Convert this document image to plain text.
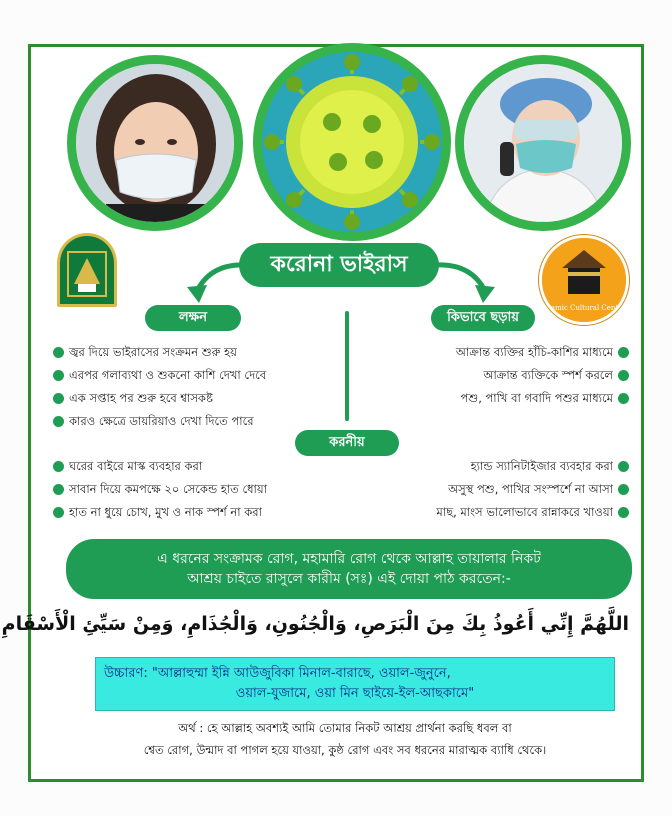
Islamic Cultural Center
করোনা ভাইরাস
লক্ষন
জ্বর দিয়ে ভাইরাসের সংক্রমন শুরু হয়
এরপর গলাব্যথা ও শুকনো কাশি দেখা দেবে
এক সপ্তাহ পর শুরু হবে শ্বাসকষ্ট
কারও ক্ষেত্রে ডায়রিয়াও দেখা দিতে পারে
কিভাবে ছড়ায়
আক্রান্ত ব্যক্তির হাঁচি-কাশির মাধ্যমে
আক্রান্ত ব্যক্তিকে স্পর্শ করলে
পশু, পাখি বা গবাদি পশুর মাধ্যমে
করনীয়
ঘরের বাইরে মাস্ক ব্যবহার করা
সাবান দিয়ে কমপক্ষে ২০ সেকেন্ড হাত ধোয়া
হাত না ধুয়ে চোখ, মুখ ও নাক স্পর্শ না করা
হ্যান্ড স্যানিটাইজার ব্যবহার করা
অসুস্থ পশু, পাখির সংস্পর্শে না আসা
মাছ, মাংস ভালোভাবে রান্নাকরে খাওয়া
এ ধরনের সংক্রামক রোগ, মহামারি রোগ থেকে আল্লাহ তায়ালার নিকট
আশ্রয় চাইতে রাসুলে কারীম (সঃ) এই দোয়া পাঠ করতেন:-
اللَّهُمَّ إِنِّي أَعُوذُ بِكَ مِنَ الْبَرَصِ، وَالْجُنُونِ، وَالْجُذَامِ، وَمِنْ سَيِّئِ الْأَسْقَامِ
উচ্চারণ: "আল্লাহুম্মা ইন্নি আউজুবিকা মিনাল-বারাছে, ওয়াল-জুনুনে,
ওয়াল-যুজামে, ওয়া মিন ছাইয়ে-ইল-আছকামে"
অর্থ : হে আল্লাহ অবশ্যই আমি তোমার নিকট আশ্রয় প্রার্থনা করছি ধবল বা
শ্বেত রোগ, উন্মাদ বা পাগল হয়ে যাওয়া, কুষ্ঠ রোগ এবং সব ধরনের মারাত্মক ব্যাধি থেকে।
